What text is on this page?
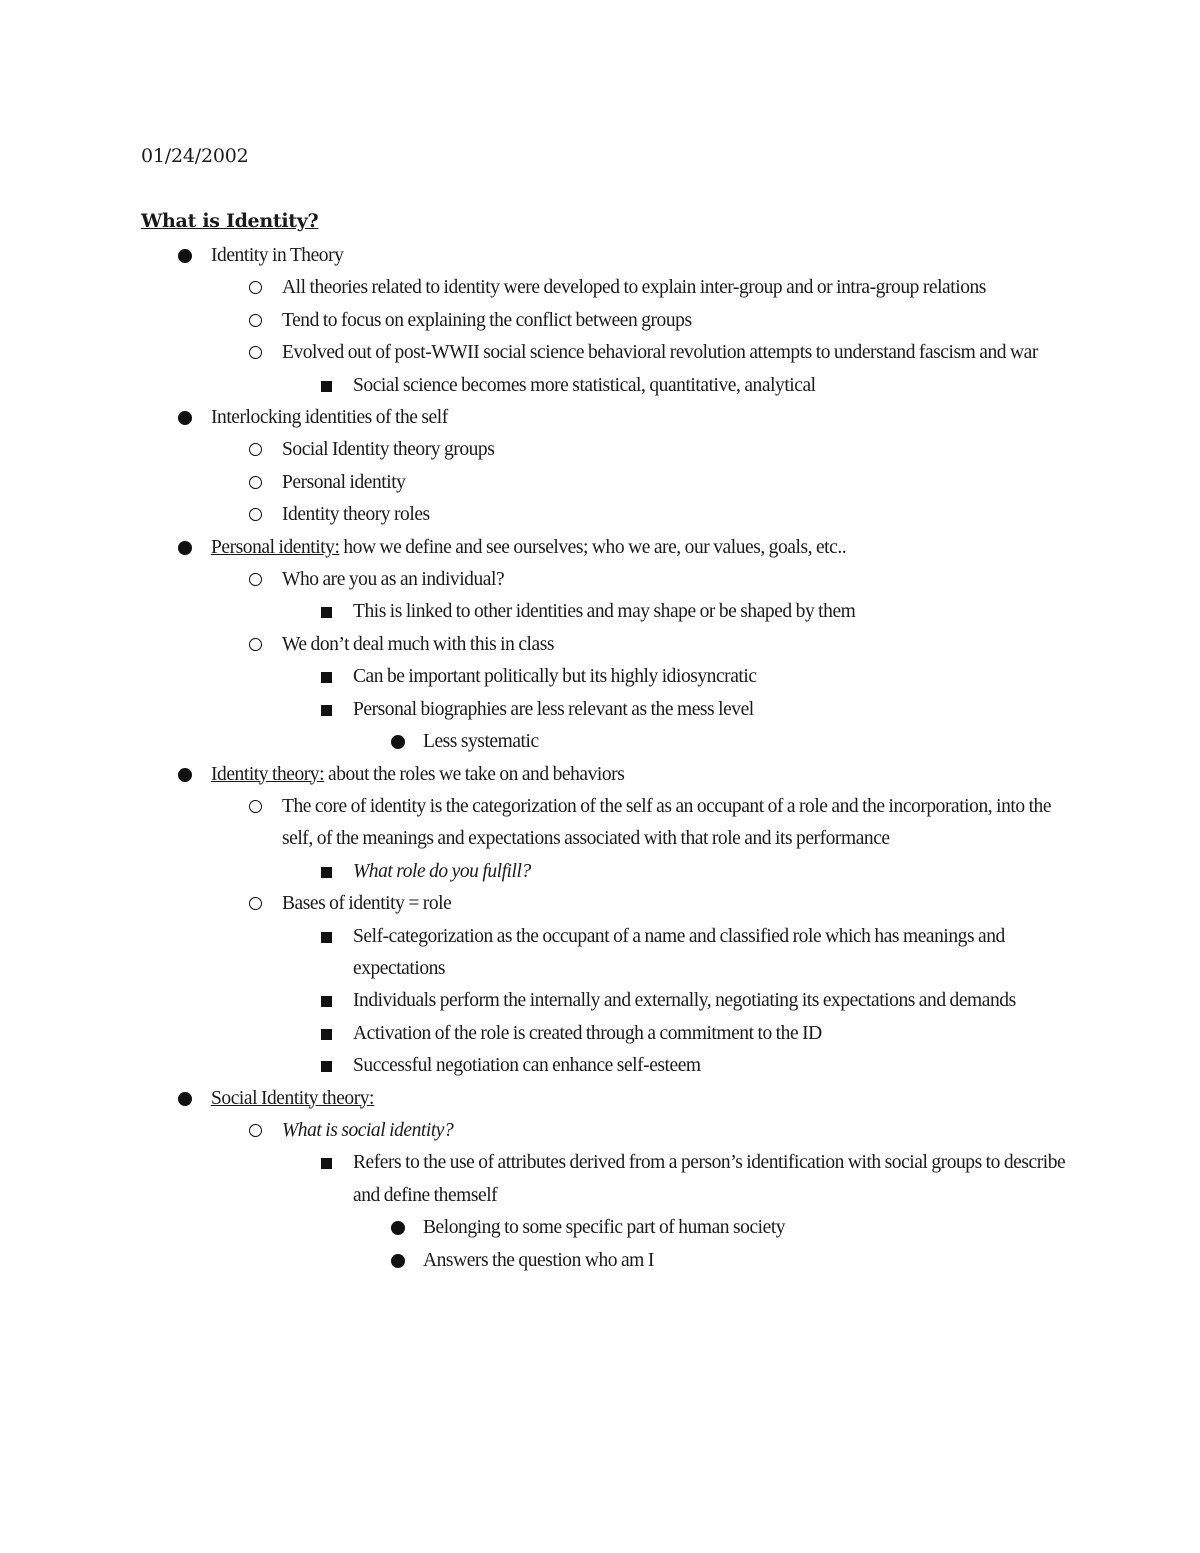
01/24/2002
What is Identity?
Identity in Theory
All theories related to identity were developed to explain inter-group and or intra-group relations
Tend to focus on explaining the conflict between groups
Evolved out of post-WWII social science behavioral revolution attempts to understand fascism and war
Social science becomes more statistical, quantitative, analytical
Interlocking identities of the self
Social Identity theory groups
Personal identity
Identity theory roles
Personal identity: how we define and see ourselves; who we are, our values, goals, etc..
Who are you as an individual?
This is linked to other identities and may shape or be shaped by them
We don’t deal much with this in class
Can be important politically but its highly idiosyncratic
Personal biographies are less relevant as the mess level
Less systematic
Identity theory: about the roles we take on and behaviors
The core of identity is the categorization of the self as an occupant of a role and the incorporation, into the self, of the meanings and expectations associated with that role and its performance
What role do you fulfill?
Bases of identity = role
Self-categorization as the occupant of a name and classified role which has meanings and expectations
Individuals perform the internally and externally, negotiating its expectations and demands
Activation of the role is created through a commitment to the ID
Successful negotiation can enhance self-esteem
Social Identity theory:
What is social identity?
Refers to the use of attributes derived from a person’s identification with social groups to describe and define themself
Belonging to some specific part of human society
Answers the question who am I
